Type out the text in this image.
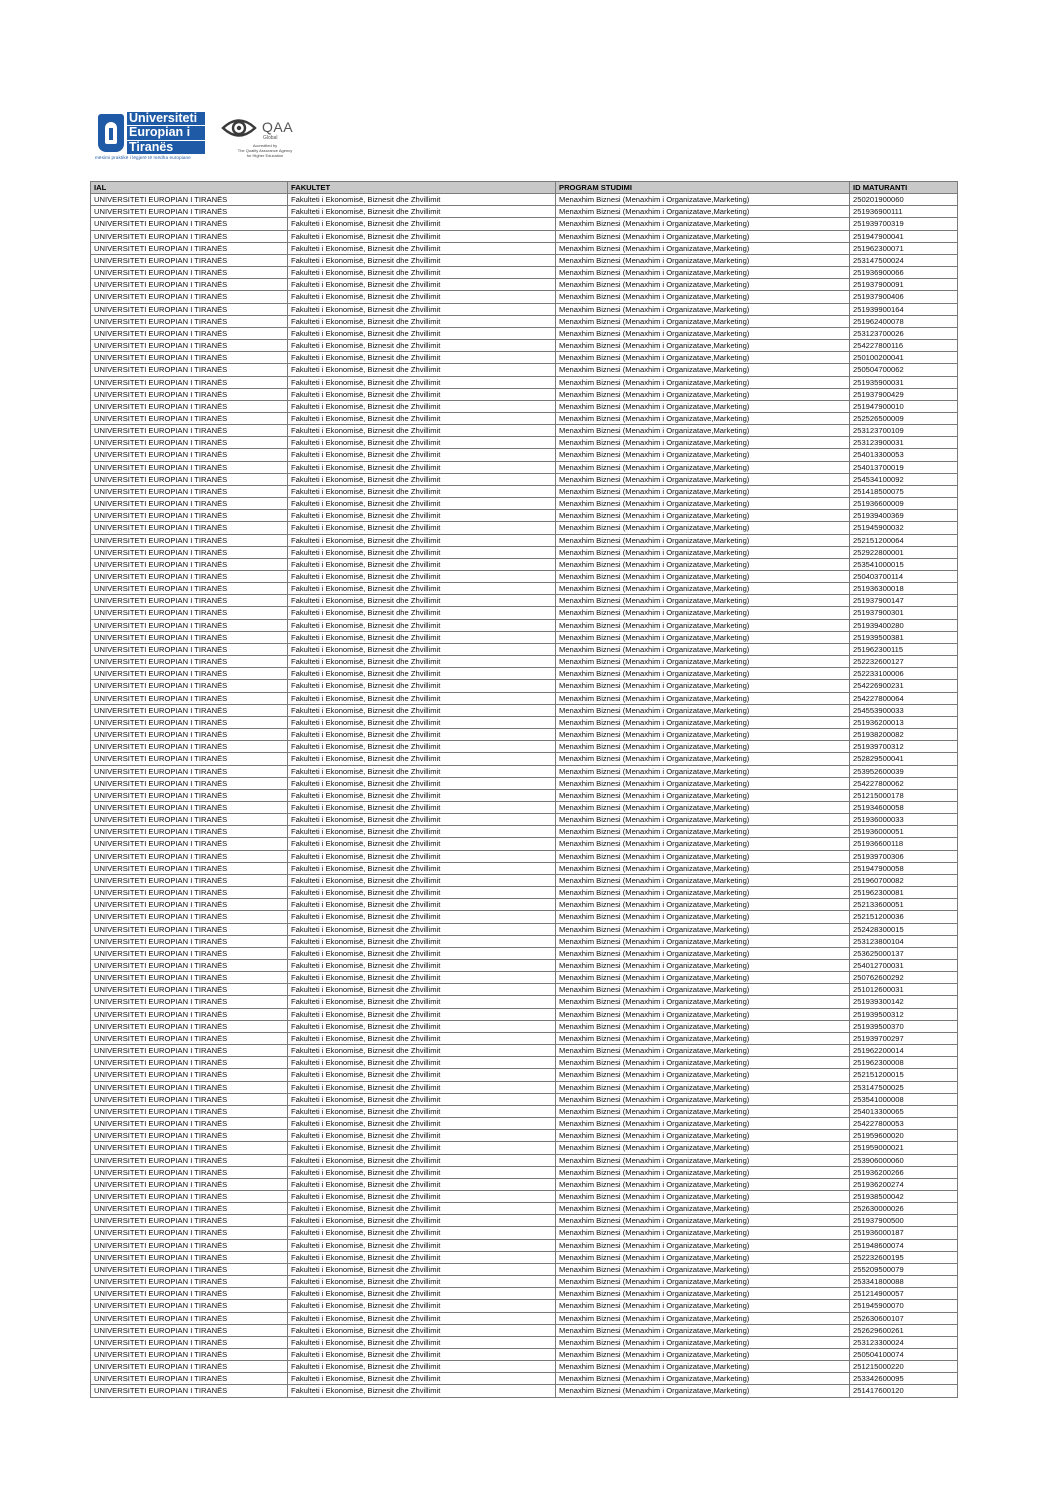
Universiteti
Europian i
Tiranës
mësimi praktikë i lëgjerë të mëdha europiane
QAA
Global
Accredited by
The Quality Assurance Agency
for Higher Education
IAL	FAKULTET	PROGRAM STUDIMI	ID MATURANTI
UNIVERSITETI EUROPIAN I TIRANËS	Fakulteti i Ekonomisë, Biznesit dhe Zhvillimit	Menaxhim Biznesi (Menaxhim i Organizatave,Marketing)	250201900060
UNIVERSITETI EUROPIAN I TIRANËS	Fakulteti i Ekonomisë, Biznesit dhe Zhvillimit	Menaxhim Biznesi (Menaxhim i Organizatave,Marketing)	251936900111
UNIVERSITETI EUROPIAN I TIRANËS	Fakulteti i Ekonomisë, Biznesit dhe Zhvillimit	Menaxhim Biznesi (Menaxhim i Organizatave,Marketing)	251939700319
UNIVERSITETI EUROPIAN I TIRANËS	Fakulteti i Ekonomisë, Biznesit dhe Zhvillimit	Menaxhim Biznesi (Menaxhim i Organizatave,Marketing)	251947900041
UNIVERSITETI EUROPIAN I TIRANËS	Fakulteti i Ekonomisë, Biznesit dhe Zhvillimit	Menaxhim Biznesi (Menaxhim i Organizatave,Marketing)	251962300071
UNIVERSITETI EUROPIAN I TIRANËS	Fakulteti i Ekonomisë, Biznesit dhe Zhvillimit	Menaxhim Biznesi (Menaxhim i Organizatave,Marketing)	253147500024
UNIVERSITETI EUROPIAN I TIRANËS	Fakulteti i Ekonomisë, Biznesit dhe Zhvillimit	Menaxhim Biznesi (Menaxhim i Organizatave,Marketing)	251936900066
UNIVERSITETI EUROPIAN I TIRANËS	Fakulteti i Ekonomisë, Biznesit dhe Zhvillimit	Menaxhim Biznesi (Menaxhim i Organizatave,Marketing)	251937900091
UNIVERSITETI EUROPIAN I TIRANËS	Fakulteti i Ekonomisë, Biznesit dhe Zhvillimit	Menaxhim Biznesi (Menaxhim i Organizatave,Marketing)	251937900406
UNIVERSITETI EUROPIAN I TIRANËS	Fakulteti i Ekonomisë, Biznesit dhe Zhvillimit	Menaxhim Biznesi (Menaxhim i Organizatave,Marketing)	251939900164
UNIVERSITETI EUROPIAN I TIRANËS	Fakulteti i Ekonomisë, Biznesit dhe Zhvillimit	Menaxhim Biznesi (Menaxhim i Organizatave,Marketing)	251962400078
UNIVERSITETI EUROPIAN I TIRANËS	Fakulteti i Ekonomisë, Biznesit dhe Zhvillimit	Menaxhim Biznesi (Menaxhim i Organizatave,Marketing)	253123700026
UNIVERSITETI EUROPIAN I TIRANËS	Fakulteti i Ekonomisë, Biznesit dhe Zhvillimit	Menaxhim Biznesi (Menaxhim i Organizatave,Marketing)	254227800116
UNIVERSITETI EUROPIAN I TIRANËS	Fakulteti i Ekonomisë, Biznesit dhe Zhvillimit	Menaxhim Biznesi (Menaxhim i Organizatave,Marketing)	250100200041
UNIVERSITETI EUROPIAN I TIRANËS	Fakulteti i Ekonomisë, Biznesit dhe Zhvillimit	Menaxhim Biznesi (Menaxhim i Organizatave,Marketing)	250504700062
UNIVERSITETI EUROPIAN I TIRANËS	Fakulteti i Ekonomisë, Biznesit dhe Zhvillimit	Menaxhim Biznesi (Menaxhim i Organizatave,Marketing)	251935900031
UNIVERSITETI EUROPIAN I TIRANËS	Fakulteti i Ekonomisë, Biznesit dhe Zhvillimit	Menaxhim Biznesi (Menaxhim i Organizatave,Marketing)	251937900429
UNIVERSITETI EUROPIAN I TIRANËS	Fakulteti i Ekonomisë, Biznesit dhe Zhvillimit	Menaxhim Biznesi (Menaxhim i Organizatave,Marketing)	251947900010
UNIVERSITETI EUROPIAN I TIRANËS	Fakulteti i Ekonomisë, Biznesit dhe Zhvillimit	Menaxhim Biznesi (Menaxhim i Organizatave,Marketing)	252526500009
UNIVERSITETI EUROPIAN I TIRANËS	Fakulteti i Ekonomisë, Biznesit dhe Zhvillimit	Menaxhim Biznesi (Menaxhim i Organizatave,Marketing)	253123700109
UNIVERSITETI EUROPIAN I TIRANËS	Fakulteti i Ekonomisë, Biznesit dhe Zhvillimit	Menaxhim Biznesi (Menaxhim i Organizatave,Marketing)	253123900031
UNIVERSITETI EUROPIAN I TIRANËS	Fakulteti i Ekonomisë, Biznesit dhe Zhvillimit	Menaxhim Biznesi (Menaxhim i Organizatave,Marketing)	254013300053
UNIVERSITETI EUROPIAN I TIRANËS	Fakulteti i Ekonomisë, Biznesit dhe Zhvillimit	Menaxhim Biznesi (Menaxhim i Organizatave,Marketing)	254013700019
UNIVERSITETI EUROPIAN I TIRANËS	Fakulteti i Ekonomisë, Biznesit dhe Zhvillimit	Menaxhim Biznesi (Menaxhim i Organizatave,Marketing)	254534100092
UNIVERSITETI EUROPIAN I TIRANËS	Fakulteti i Ekonomisë, Biznesit dhe Zhvillimit	Menaxhim Biznesi (Menaxhim i Organizatave,Marketing)	251418500075
UNIVERSITETI EUROPIAN I TIRANËS	Fakulteti i Ekonomisë, Biznesit dhe Zhvillimit	Menaxhim Biznesi (Menaxhim i Organizatave,Marketing)	251936600009
UNIVERSITETI EUROPIAN I TIRANËS	Fakulteti i Ekonomisë, Biznesit dhe Zhvillimit	Menaxhim Biznesi (Menaxhim i Organizatave,Marketing)	251939400369
UNIVERSITETI EUROPIAN I TIRANËS	Fakulteti i Ekonomisë, Biznesit dhe Zhvillimit	Menaxhim Biznesi (Menaxhim i Organizatave,Marketing)	251945900032
UNIVERSITETI EUROPIAN I TIRANËS	Fakulteti i Ekonomisë, Biznesit dhe Zhvillimit	Menaxhim Biznesi (Menaxhim i Organizatave,Marketing)	252151200064
UNIVERSITETI EUROPIAN I TIRANËS	Fakulteti i Ekonomisë, Biznesit dhe Zhvillimit	Menaxhim Biznesi (Menaxhim i Organizatave,Marketing)	252922800001
UNIVERSITETI EUROPIAN I TIRANËS	Fakulteti i Ekonomisë, Biznesit dhe Zhvillimit	Menaxhim Biznesi (Menaxhim i Organizatave,Marketing)	253541000015
UNIVERSITETI EUROPIAN I TIRANËS	Fakulteti i Ekonomisë, Biznesit dhe Zhvillimit	Menaxhim Biznesi (Menaxhim i Organizatave,Marketing)	250403700114
UNIVERSITETI EUROPIAN I TIRANËS	Fakulteti i Ekonomisë, Biznesit dhe Zhvillimit	Menaxhim Biznesi (Menaxhim i Organizatave,Marketing)	251936300018
UNIVERSITETI EUROPIAN I TIRANËS	Fakulteti i Ekonomisë, Biznesit dhe Zhvillimit	Menaxhim Biznesi (Menaxhim i Organizatave,Marketing)	251937900147
UNIVERSITETI EUROPIAN I TIRANËS	Fakulteti i Ekonomisë, Biznesit dhe Zhvillimit	Menaxhim Biznesi (Menaxhim i Organizatave,Marketing)	251937900301
UNIVERSITETI EUROPIAN I TIRANËS	Fakulteti i Ekonomisë, Biznesit dhe Zhvillimit	Menaxhim Biznesi (Menaxhim i Organizatave,Marketing)	251939400280
UNIVERSITETI EUROPIAN I TIRANËS	Fakulteti i Ekonomisë, Biznesit dhe Zhvillimit	Menaxhim Biznesi (Menaxhim i Organizatave,Marketing)	251939500381
UNIVERSITETI EUROPIAN I TIRANËS	Fakulteti i Ekonomisë, Biznesit dhe Zhvillimit	Menaxhim Biznesi (Menaxhim i Organizatave,Marketing)	251962300115
UNIVERSITETI EUROPIAN I TIRANËS	Fakulteti i Ekonomisë, Biznesit dhe Zhvillimit	Menaxhim Biznesi (Menaxhim i Organizatave,Marketing)	252232600127
UNIVERSITETI EUROPIAN I TIRANËS	Fakulteti i Ekonomisë, Biznesit dhe Zhvillimit	Menaxhim Biznesi (Menaxhim i Organizatave,Marketing)	252233100006
UNIVERSITETI EUROPIAN I TIRANËS	Fakulteti i Ekonomisë, Biznesit dhe Zhvillimit	Menaxhim Biznesi (Menaxhim i Organizatave,Marketing)	254226900231
UNIVERSITETI EUROPIAN I TIRANËS	Fakulteti i Ekonomisë, Biznesit dhe Zhvillimit	Menaxhim Biznesi (Menaxhim i Organizatave,Marketing)	254227800064
UNIVERSITETI EUROPIAN I TIRANËS	Fakulteti i Ekonomisë, Biznesit dhe Zhvillimit	Menaxhim Biznesi (Menaxhim i Organizatave,Marketing)	254553900033
UNIVERSITETI EUROPIAN I TIRANËS	Fakulteti i Ekonomisë, Biznesit dhe Zhvillimit	Menaxhim Biznesi (Menaxhim i Organizatave,Marketing)	251936200013
UNIVERSITETI EUROPIAN I TIRANËS	Fakulteti i Ekonomisë, Biznesit dhe Zhvillimit	Menaxhim Biznesi (Menaxhim i Organizatave,Marketing)	251938200082
UNIVERSITETI EUROPIAN I TIRANËS	Fakulteti i Ekonomisë, Biznesit dhe Zhvillimit	Menaxhim Biznesi (Menaxhim i Organizatave,Marketing)	251939700312
UNIVERSITETI EUROPIAN I TIRANËS	Fakulteti i Ekonomisë, Biznesit dhe Zhvillimit	Menaxhim Biznesi (Menaxhim i Organizatave,Marketing)	252829500041
UNIVERSITETI EUROPIAN I TIRANËS	Fakulteti i Ekonomisë, Biznesit dhe Zhvillimit	Menaxhim Biznesi (Menaxhim i Organizatave,Marketing)	253952600039
UNIVERSITETI EUROPIAN I TIRANËS	Fakulteti i Ekonomisë, Biznesit dhe Zhvillimit	Menaxhim Biznesi (Menaxhim i Organizatave,Marketing)	254227800062
UNIVERSITETI EUROPIAN I TIRANËS	Fakulteti i Ekonomisë, Biznesit dhe Zhvillimit	Menaxhim Biznesi (Menaxhim i Organizatave,Marketing)	251215000178
UNIVERSITETI EUROPIAN I TIRANËS	Fakulteti i Ekonomisë, Biznesit dhe Zhvillimit	Menaxhim Biznesi (Menaxhim i Organizatave,Marketing)	251934600058
UNIVERSITETI EUROPIAN I TIRANËS	Fakulteti i Ekonomisë, Biznesit dhe Zhvillimit	Menaxhim Biznesi (Menaxhim i Organizatave,Marketing)	251936000033
UNIVERSITETI EUROPIAN I TIRANËS	Fakulteti i Ekonomisë, Biznesit dhe Zhvillimit	Menaxhim Biznesi (Menaxhim i Organizatave,Marketing)	251936000051
UNIVERSITETI EUROPIAN I TIRANËS	Fakulteti i Ekonomisë, Biznesit dhe Zhvillimit	Menaxhim Biznesi (Menaxhim i Organizatave,Marketing)	251936600118
UNIVERSITETI EUROPIAN I TIRANËS	Fakulteti i Ekonomisë, Biznesit dhe Zhvillimit	Menaxhim Biznesi (Menaxhim i Organizatave,Marketing)	251939700306
UNIVERSITETI EUROPIAN I TIRANËS	Fakulteti i Ekonomisë, Biznesit dhe Zhvillimit	Menaxhim Biznesi (Menaxhim i Organizatave,Marketing)	251947900058
UNIVERSITETI EUROPIAN I TIRANËS	Fakulteti i Ekonomisë, Biznesit dhe Zhvillimit	Menaxhim Biznesi (Menaxhim i Organizatave,Marketing)	251960700082
UNIVERSITETI EUROPIAN I TIRANËS	Fakulteti i Ekonomisë, Biznesit dhe Zhvillimit	Menaxhim Biznesi (Menaxhim i Organizatave,Marketing)	251962300081
UNIVERSITETI EUROPIAN I TIRANËS	Fakulteti i Ekonomisë, Biznesit dhe Zhvillimit	Menaxhim Biznesi (Menaxhim i Organizatave,Marketing)	252133600051
UNIVERSITETI EUROPIAN I TIRANËS	Fakulteti i Ekonomisë, Biznesit dhe Zhvillimit	Menaxhim Biznesi (Menaxhim i Organizatave,Marketing)	252151200036
UNIVERSITETI EUROPIAN I TIRANËS	Fakulteti i Ekonomisë, Biznesit dhe Zhvillimit	Menaxhim Biznesi (Menaxhim i Organizatave,Marketing)	252428300015
UNIVERSITETI EUROPIAN I TIRANËS	Fakulteti i Ekonomisë, Biznesit dhe Zhvillimit	Menaxhim Biznesi (Menaxhim i Organizatave,Marketing)	253123800104
UNIVERSITETI EUROPIAN I TIRANËS	Fakulteti i Ekonomisë, Biznesit dhe Zhvillimit	Menaxhim Biznesi (Menaxhim i Organizatave,Marketing)	253625000137
UNIVERSITETI EUROPIAN I TIRANËS	Fakulteti i Ekonomisë, Biznesit dhe Zhvillimit	Menaxhim Biznesi (Menaxhim i Organizatave,Marketing)	254012700031
UNIVERSITETI EUROPIAN I TIRANËS	Fakulteti i Ekonomisë, Biznesit dhe Zhvillimit	Menaxhim Biznesi (Menaxhim i Organizatave,Marketing)	250762600292
UNIVERSITETI EUROPIAN I TIRANËS	Fakulteti i Ekonomisë, Biznesit dhe Zhvillimit	Menaxhim Biznesi (Menaxhim i Organizatave,Marketing)	251012600031
UNIVERSITETI EUROPIAN I TIRANËS	Fakulteti i Ekonomisë, Biznesit dhe Zhvillimit	Menaxhim Biznesi (Menaxhim i Organizatave,Marketing)	251939300142
UNIVERSITETI EUROPIAN I TIRANËS	Fakulteti i Ekonomisë, Biznesit dhe Zhvillimit	Menaxhim Biznesi (Menaxhim i Organizatave,Marketing)	251939500312
UNIVERSITETI EUROPIAN I TIRANËS	Fakulteti i Ekonomisë, Biznesit dhe Zhvillimit	Menaxhim Biznesi (Menaxhim i Organizatave,Marketing)	251939500370
UNIVERSITETI EUROPIAN I TIRANËS	Fakulteti i Ekonomisë, Biznesit dhe Zhvillimit	Menaxhim Biznesi (Menaxhim i Organizatave,Marketing)	251939700297
UNIVERSITETI EUROPIAN I TIRANËS	Fakulteti i Ekonomisë, Biznesit dhe Zhvillimit	Menaxhim Biznesi (Menaxhim i Organizatave,Marketing)	251962200014
UNIVERSITETI EUROPIAN I TIRANËS	Fakulteti i Ekonomisë, Biznesit dhe Zhvillimit	Menaxhim Biznesi (Menaxhim i Organizatave,Marketing)	251962300008
UNIVERSITETI EUROPIAN I TIRANËS	Fakulteti i Ekonomisë, Biznesit dhe Zhvillimit	Menaxhim Biznesi (Menaxhim i Organizatave,Marketing)	252151200015
UNIVERSITETI EUROPIAN I TIRANËS	Fakulteti i Ekonomisë, Biznesit dhe Zhvillimit	Menaxhim Biznesi (Menaxhim i Organizatave,Marketing)	253147500025
UNIVERSITETI EUROPIAN I TIRANËS	Fakulteti i Ekonomisë, Biznesit dhe Zhvillimit	Menaxhim Biznesi (Menaxhim i Organizatave,Marketing)	253541000008
UNIVERSITETI EUROPIAN I TIRANËS	Fakulteti i Ekonomisë, Biznesit dhe Zhvillimit	Menaxhim Biznesi (Menaxhim i Organizatave,Marketing)	254013300065
UNIVERSITETI EUROPIAN I TIRANËS	Fakulteti i Ekonomisë, Biznesit dhe Zhvillimit	Menaxhim Biznesi (Menaxhim i Organizatave,Marketing)	254227800053
UNIVERSITETI EUROPIAN I TIRANËS	Fakulteti i Ekonomisë, Biznesit dhe Zhvillimit	Menaxhim Biznesi (Menaxhim i Organizatave,Marketing)	251959600020
UNIVERSITETI EUROPIAN I TIRANËS	Fakulteti i Ekonomisë, Biznesit dhe Zhvillimit	Menaxhim Biznesi (Menaxhim i Organizatave,Marketing)	251959000021
UNIVERSITETI EUROPIAN I TIRANËS	Fakulteti i Ekonomisë, Biznesit dhe Zhvillimit	Menaxhim Biznesi (Menaxhim i Organizatave,Marketing)	253906000060
UNIVERSITETI EUROPIAN I TIRANËS	Fakulteti i Ekonomisë, Biznesit dhe Zhvillimit	Menaxhim Biznesi (Menaxhim i Organizatave,Marketing)	251936200266
UNIVERSITETI EUROPIAN I TIRANËS	Fakulteti i Ekonomisë, Biznesit dhe Zhvillimit	Menaxhim Biznesi (Menaxhim i Organizatave,Marketing)	251936200274
UNIVERSITETI EUROPIAN I TIRANËS	Fakulteti i Ekonomisë, Biznesit dhe Zhvillimit	Menaxhim Biznesi (Menaxhim i Organizatave,Marketing)	251938500042
UNIVERSITETI EUROPIAN I TIRANËS	Fakulteti i Ekonomisë, Biznesit dhe Zhvillimit	Menaxhim Biznesi (Menaxhim i Organizatave,Marketing)	252630000026
UNIVERSITETI EUROPIAN I TIRANËS	Fakulteti i Ekonomisë, Biznesit dhe Zhvillimit	Menaxhim Biznesi (Menaxhim i Organizatave,Marketing)	251937900500
UNIVERSITETI EUROPIAN I TIRANËS	Fakulteti i Ekonomisë, Biznesit dhe Zhvillimit	Menaxhim Biznesi (Menaxhim i Organizatave,Marketing)	251936000187
UNIVERSITETI EUROPIAN I TIRANËS	Fakulteti i Ekonomisë, Biznesit dhe Zhvillimit	Menaxhim Biznesi (Menaxhim i Organizatave,Marketing)	251948600074
UNIVERSITETI EUROPIAN I TIRANËS	Fakulteti i Ekonomisë, Biznesit dhe Zhvillimit	Menaxhim Biznesi (Menaxhim i Organizatave,Marketing)	252232600195
UNIVERSITETI EUROPIAN I TIRANËS	Fakulteti i Ekonomisë, Biznesit dhe Zhvillimit	Menaxhim Biznesi (Menaxhim i Organizatave,Marketing)	255209500079
UNIVERSITETI EUROPIAN I TIRANËS	Fakulteti i Ekonomisë, Biznesit dhe Zhvillimit	Menaxhim Biznesi (Menaxhim i Organizatave,Marketing)	253341800088
UNIVERSITETI EUROPIAN I TIRANËS	Fakulteti i Ekonomisë, Biznesit dhe Zhvillimit	Menaxhim Biznesi (Menaxhim i Organizatave,Marketing)	251214900057
UNIVERSITETI EUROPIAN I TIRANËS	Fakulteti i Ekonomisë, Biznesit dhe Zhvillimit	Menaxhim Biznesi (Menaxhim i Organizatave,Marketing)	251945900070
UNIVERSITETI EUROPIAN I TIRANËS	Fakulteti i Ekonomisë, Biznesit dhe Zhvillimit	Menaxhim Biznesi (Menaxhim i Organizatave,Marketing)	252630600107
UNIVERSITETI EUROPIAN I TIRANËS	Fakulteti i Ekonomisë, Biznesit dhe Zhvillimit	Menaxhim Biznesi (Menaxhim i Organizatave,Marketing)	252629600261
UNIVERSITETI EUROPIAN I TIRANËS	Fakulteti i Ekonomisë, Biznesit dhe Zhvillimit	Menaxhim Biznesi (Menaxhim i Organizatave,Marketing)	253123300024
UNIVERSITETI EUROPIAN I TIRANËS	Fakulteti i Ekonomisë, Biznesit dhe Zhvillimit	Menaxhim Biznesi (Menaxhim i Organizatave,Marketing)	250504100074
UNIVERSITETI EUROPIAN I TIRANËS	Fakulteti i Ekonomisë, Biznesit dhe Zhvillimit	Menaxhim Biznesi (Menaxhim i Organizatave,Marketing)	251215000220
UNIVERSITETI EUROPIAN I TIRANËS	Fakulteti i Ekonomisë, Biznesit dhe Zhvillimit	Menaxhim Biznesi (Menaxhim i Organizatave,Marketing)	253342600095
UNIVERSITETI EUROPIAN I TIRANËS	Fakulteti i Ekonomisë, Biznesit dhe Zhvillimit	Menaxhim Biznesi (Menaxhim i Organizatave,Marketing)	251417600120
